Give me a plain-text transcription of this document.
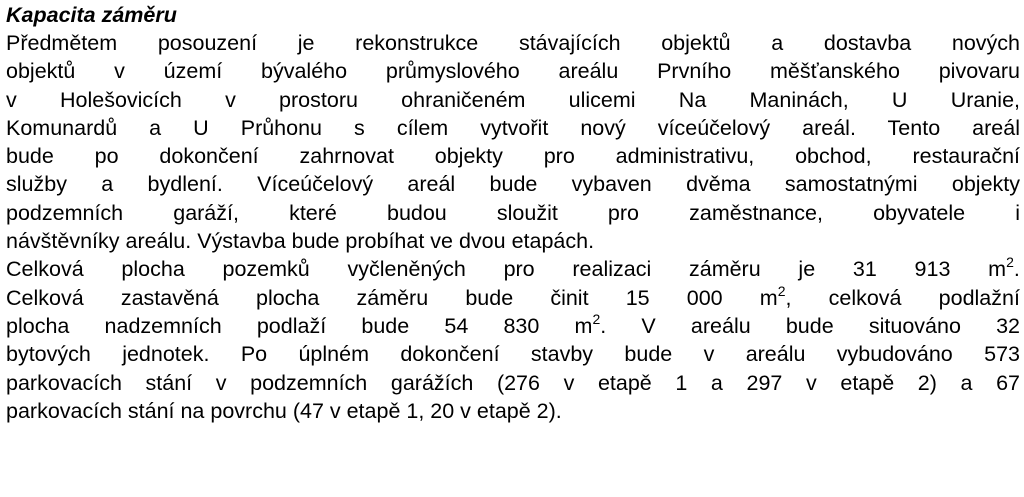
Kapacita záměru
Předmětem posouzení je rekonstrukce stávajících objektů a dostavba nových
objektů v území bývalého průmyslového areálu Prvního měšťanského pivovaru
v Holešovicích v prostoru ohraničeném ulicemi Na Maninách, U Uranie,
Komunardů a U Průhonu s cílem vytvořit nový víceúčelový areál. Tento areál
bude po dokončení zahrnovat objekty pro administrativu, obchod, restaurační
služby a bydlení. Víceúčelový areál bude vybaven dvěma samostatnými objekty
podzemních garáží, které budou sloužit pro zaměstnance, obyvatele i
návštěvníky areálu. Výstavba bude probíhat ve dvou etapách.
Celková plocha pozemků vyčleněných pro realizaci záměru je 31 913 $m^2$.
Celková zastavěná plocha záměru bude činit 15 000 $m^2$, celková podlažní
plocha nadzemních podlaží bude 54 830 $m^2$. V areálu bude situováno 32
bytových jednotek. Po úplném dokončení stavby bude v areálu vybudováno 573
parkovacích stání v podzemních garážích (276 v etapě 1 a 297 v etapě 2) a 67
parkovacích stání na povrchu (47 v etapě 1, 20 v etapě 2).
